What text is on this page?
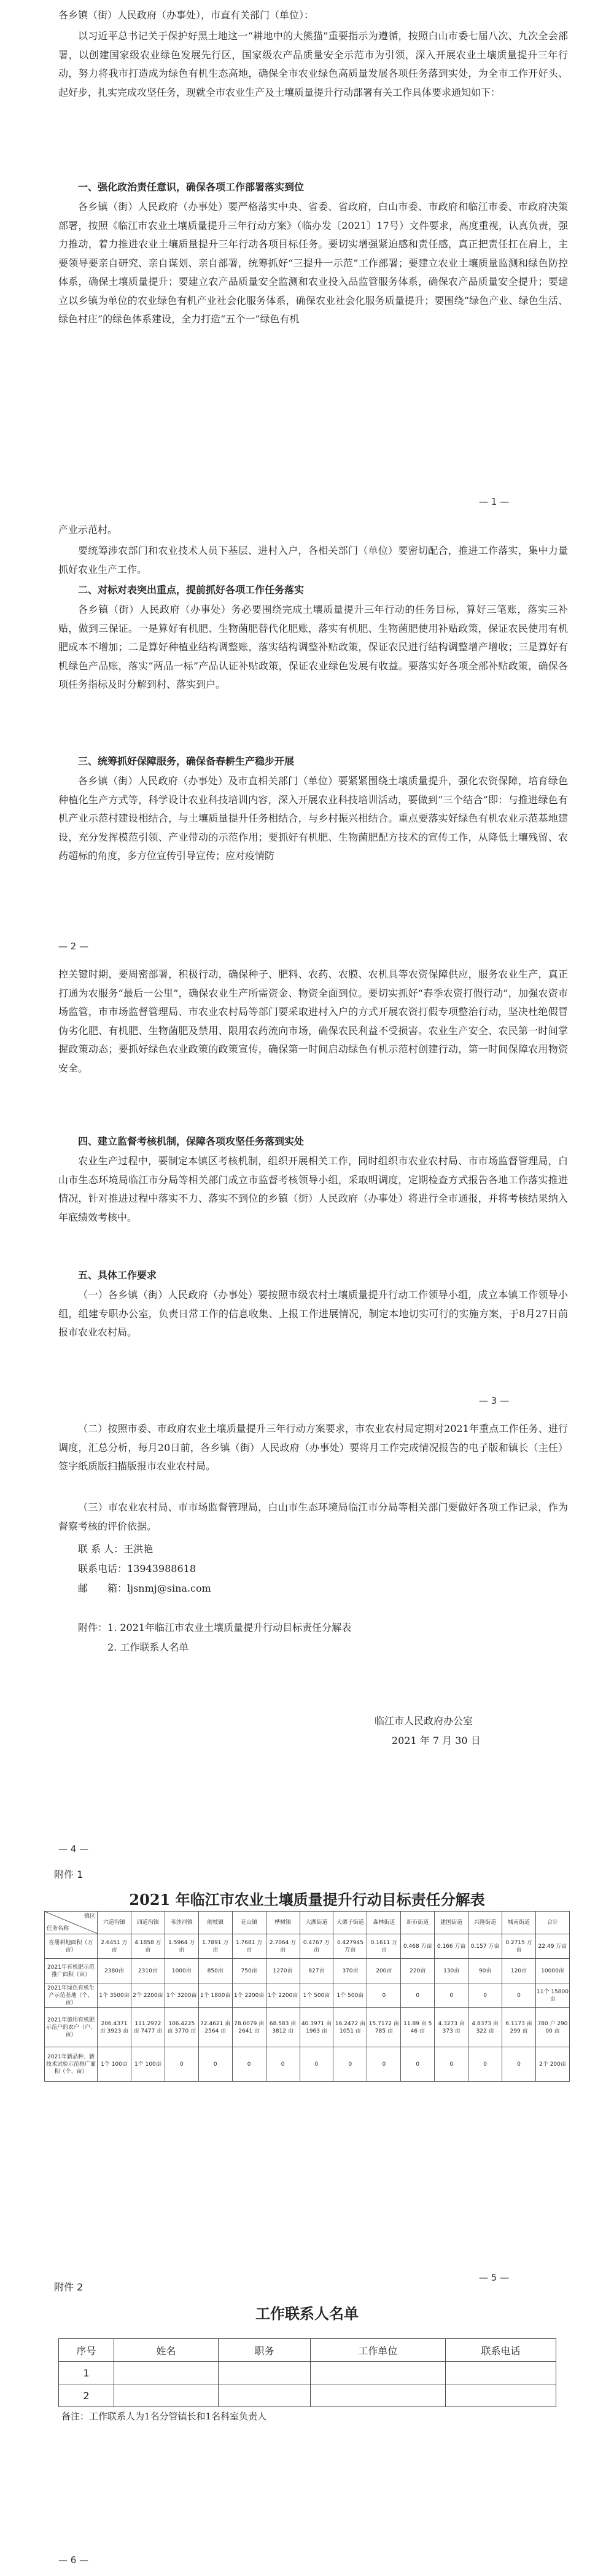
各乡镇（街）人民政府（办事处），市直有关部门（单位）：

以习近平总书记关于保护好黑土地这一“耕地中的大熊猫”重要指示为遵循，按照白山市委七届八次、九次全会部署，以创建国家级农业绿色发展先行区，国家级农产品质量安全示范市为引领，深入开展农业土壤质量提升三年行动，努力将我市打造成为绿色有机生态高地，确保全市农业绿色高质量发展各项任务落到实处，为全市工作开好头、起好步，扎实完成攻坚任务，现就全市农业生产及土壤质量提升行动部署有关工作具体要求通知如下：

一、强化政治责任意识，确保各项工作部署落实到位

各乡镇（街）人民政府（办事处）要严格落实中央、省委、省政府，白山市委、市政府和临江市委、市政府决策部署，按照《临江市农业土壤质量提升三年行动方案》（临办发〔2021〕17号）文件要求，高度重视，认真负责，强力推动，着力推进农业土壤质量提升三年行动各项目标任务。要切实增强紧迫感和责任感，真正把责任扛在肩上，主要领导要亲自研究、亲自谋划、亲自部署，统筹抓好“三提升一示范”工作部署；要建立农业土壤质量监测和绿色防控体系，确保土壤质量提升；要建立农产品质量安全监测和农业投入品监管服务体系，确保农产品质量安全提升；要建立以乡镇为单位的农业绿色有机产业社会化服务体系，确保农业社会化服务质量提升；要围绕“绿色产业、绿色生活、绿色村庄”的绿色体系建设，全力打造“五个一”绿色有机

— 1 —

产业示范村。

要统筹涉农部门和农业技术人员下基层、进村入户，各相关部门（单位）要密切配合，推进工作落实，集中力量抓好农业生产工作。

二、对标对表突出重点，提前抓好各项工作任务落实

各乡镇（街）人民政府（办事处）务必要围绕完成土壤质量提升三年行动的任务目标，算好三笔账，落实三补贴，做到三保证。一是算好有机肥、生物菌肥替代化肥账，落实有机肥、生物菌肥使用补贴政策，保证农民使用有机肥成本不增加；二是算好种植业结构调整账，落实结构调整补贴政策，保证农民进行结构调整增产增收；三是算好有机绿色产品账，落实“两品一标”产品认证补贴政策，保证农业绿色发展有收益。要落实好各项全部补贴政策，确保各项任务指标及时分解到村、落实到户。

三、统筹抓好保障服务，确保备春耕生产稳步开展

各乡镇（街）人民政府（办事处）及市直相关部门（单位）要紧紧围绕土壤质量提升，强化农资保障，培育绿色种植化生产方式等，科学设计农业科技培训内容，深入开展农业科技培训活动，要做到“三个结合”即：与推进绿色有机产业示范村建设相结合，与土壤质量提升任务相结合，与乡村振兴相结合。重点要落实好绿色有机农业示范基地建设，充分发挥模范引领、产业带动的示范作用；要抓好有机肥、生物菌肥配方技术的宣传工作，从降低土壤残留、农药超标的角度，多方位宣传引导宣传；应对疫情防

— 2 —

控关键时期，要周密部署，积极行动，确保种子、肥料、农药、农膜、农机具等农资保障供应，服务农业生产，真正打通为农服务“最后一公里”，确保农业生产所需资金、物资全面到位。要切实抓好“春季农资打假行动”，加强农资市场监管，市市场监督管理局、市农业农村局等部门要采取进村入户的方式开展农资打假专项整治行动，坚决杜绝假冒伪劣化肥、有机肥、生物菌肥及禁用、限用农药流向市场，确保农民利益不受损害。农业生产安全、农民第一时间掌握政策动态；要抓好绿色农业政策的政策宣传，确保第一时间启动绿色有机示范村创建行动，第一时间保障农用物资安全。

四、建立监督考核机制，保障各项攻坚任务落到实处

农业生产过程中，要制定本镇区考核机制，组织开展相关工作，同时组织市农业农村局、市市场监督管理局，白山市生态环境局临江市分局等相关部门成立市监督考核领导小组，采取明调度，定期检查方式报告各地工作落实推进情况，针对推进过程中落实不力、落实不到位的乡镇（街）人民政府（办事处）将进行全市通报，并将考核结果纳入年底绩效考核中。

五、具体工作要求

（一）各乡镇（街）人民政府（办事处）要按照市级农村土壤质量提升行动工作领导小组，成立本镇工作领导小组，组建专职办公室，负责日常工作的信息收集、上报工作进展情况，制定本地切实可行的实施方案，于8月27日前报市农业农村局。

— 3 —

（二）按照市委、市政府农业土壤质量提升三年行动方案要求，市农业农村局定期对2021年重点工作任务、进行调度，汇总分析，每月20日前，各乡镇（街）人民政府（办事处）要将月工作完成情况报告的电子版和镇长（主任）签字纸质版扫描版报市农业农村局。

（三）市农业农村局、市市场监督管理局，白山市生态环境局临江市分局等相关部门要做好各项工作记录，作为督察考核的评价依据。

联 系 人：王洪艳
联系电话：13943988618
邮　　箱：ljsnmj@sina.com
附件：1. 2021年临江市农业土壤质量提升行动目标责任分解表
2. 工作联系人名单
临江市人民政府办公室
2021 年 7 月 30 日
— 4 —
附件 1
2021 年临江市农业土壤质量提升行动目标责任分解表
镇区
任务名称	六道沟镇	四道沟镇	苇沙河镇	闹枝镇	花山镇	桦树镇	大湖街道	大栗子街道	森林街道	新市街道	建国街道	兴隆街道	城南街道	合计
在册耕地面积（万亩）	2.6451 万亩	4.1858 万亩	1.5964 万亩	1.7891 万亩	1.7681 万亩	2.7064 万亩	0.4767 万亩	0.427945 万亩	0.1611 万亩	0.468 万亩	0.166 万亩	0.157 万亩	0.2715 万亩	22.49 万亩
2021年有机肥示范推广面积（亩）	2380亩	2310亩	1000亩	850亩	750亩	1270亩	827亩	370亩	200亩	220亩	130亩	90亩	120亩	10000亩
2021年绿色有机生产示范基地（个、亩）	1个 3500亩	2个 2200亩	1个 3200亩	1个 1800亩	1个 2200亩	1个 2200亩	1个 500亩	1个 500亩	0	0	0	0	0	11个 15800亩
2021年施用有机肥示范户的农户（户、亩）	206.4371 亩 3923 亩	111.2972 亩 7477 亩	106.4225 亩 3770 亩	72.4621 亩 2564 亩	78.0079 亩 2641 亩	68.583 亩 3812 亩	40.3971 亩 1963 亩	16.2472 亩 1051 亩	15.7172 亩 785 亩	11.89 亩 546 亩	4.3273 亩 373 亩	4.8373 亩 322 亩	6.1173 亩 299 亩	780 户 29000 亩
2021年新品种、新技术试验示范推广面积（个、亩）	1个 100亩	1个 100亩	0	0	0	0	0	0	0	0	0	0	0	2个 200亩
— 5 —
附件 2
工作联系人名单
序号	姓名	职务	工作单位	联系电话
1				
2				
备注：工作联系人为1名分管镇长和1名科室负责人
— 6 —
